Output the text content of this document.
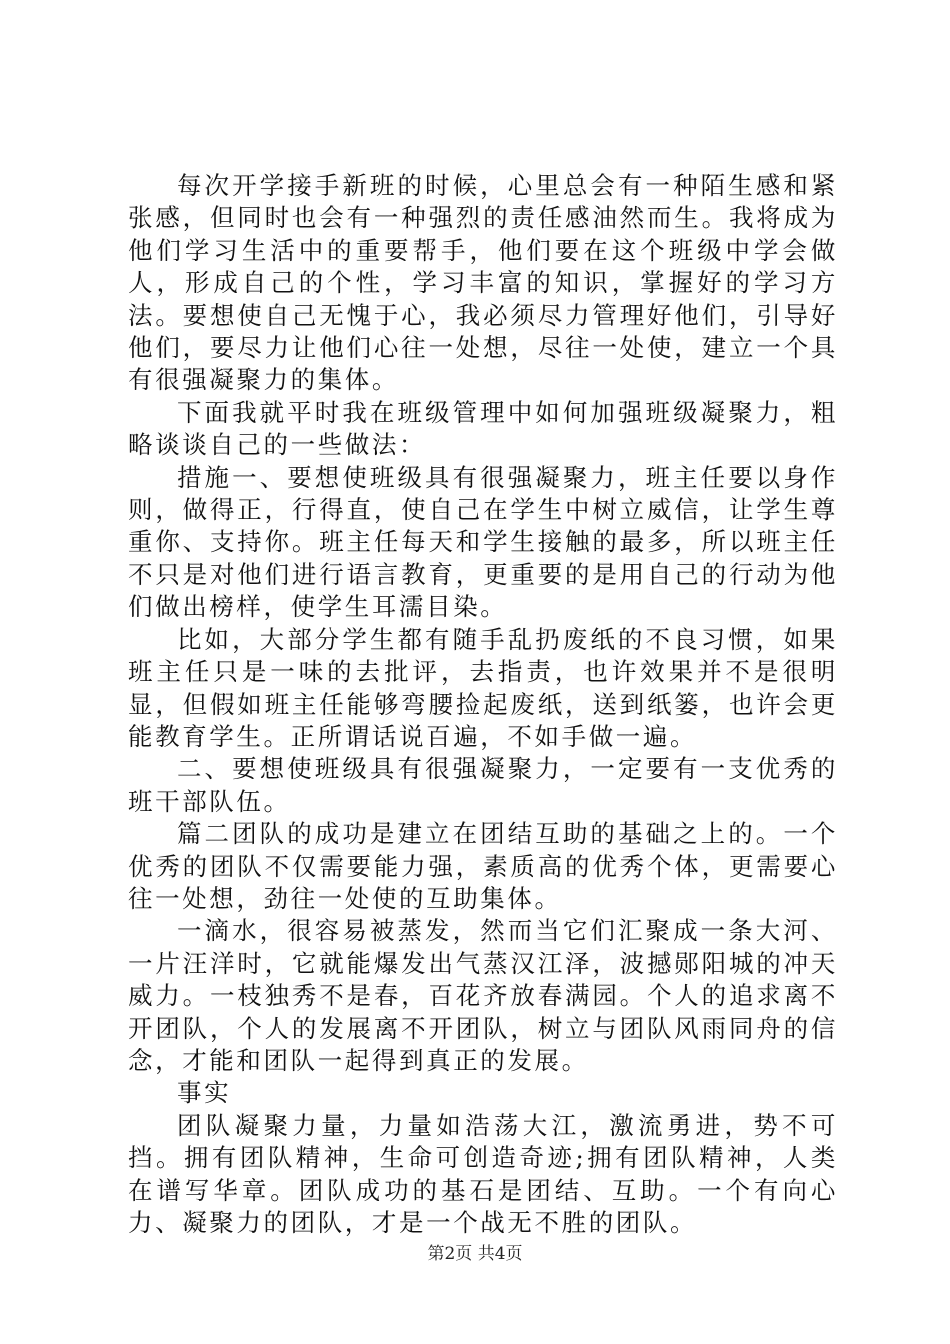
每次开学接手新班的时候，心里总会有一种陌生感和紧张感，但同时也会有一种强烈的责任感油然而生。我将成为他们学习生活中的重要帮手，他们要在这个班级中学会做人，形成自己的个性，学习丰富的知识，掌握好的学习方法。要想使自己无愧于心，我必须尽力管理好他们，引导好他们，要尽力让他们心往一处想，尽往一处使，建立一个具有很强凝聚力的集体。

下面我就平时我在班级管理中如何加强班级凝聚力，粗略谈谈自己的一些做法：

措施一、要想使班级具有很强凝聚力，班主任要以身作则，做得正，行得直，使自己在学生中树立威信，让学生尊重你、支持你。班主任每天和学生接触的最多，所以班主任不只是对他们进行语言教育，更重要的是用自己的行动为他们做出榜样，使学生耳濡目染。

比如，大部分学生都有随手乱扔废纸的不良习惯，如果班主任只是一味的去批评，去指责，也许效果并不是很明显，但假如班主任能够弯腰捡起废纸，送到纸篓，也许会更能教育学生。正所谓话说百遍，不如手做一遍。

二、要想使班级具有很强凝聚力，一定要有一支优秀的班干部队伍。

篇二团队的成功是建立在团结互助的基础之上的。一个优秀的团队不仅需要能力强，素质高的优秀个体，更需要心往一处想，劲往一处使的互助集体。

一滴水，很容易被蒸发，然而当它们汇聚成一条大河、一片汪洋时，它就能爆发出气蒸汉江泽，波撼郧阳城的冲天威力。一枝独秀不是春，百花齐放春满园。个人的追求离不开团队，个人的发展离不开团队，树立与团队风雨同舟的信念，才能和团队一起得到真正的发展。

事实

团队凝聚力量，力量如浩荡大江，激流勇进，势不可挡。拥有团队精神，生命可创造奇迹;拥有团队精神，人类在谱写华章。团队成功的基石是团结、互助。一个有向心力、凝聚力的团队，才是一个战无不胜的团队。

第2页 共4页
